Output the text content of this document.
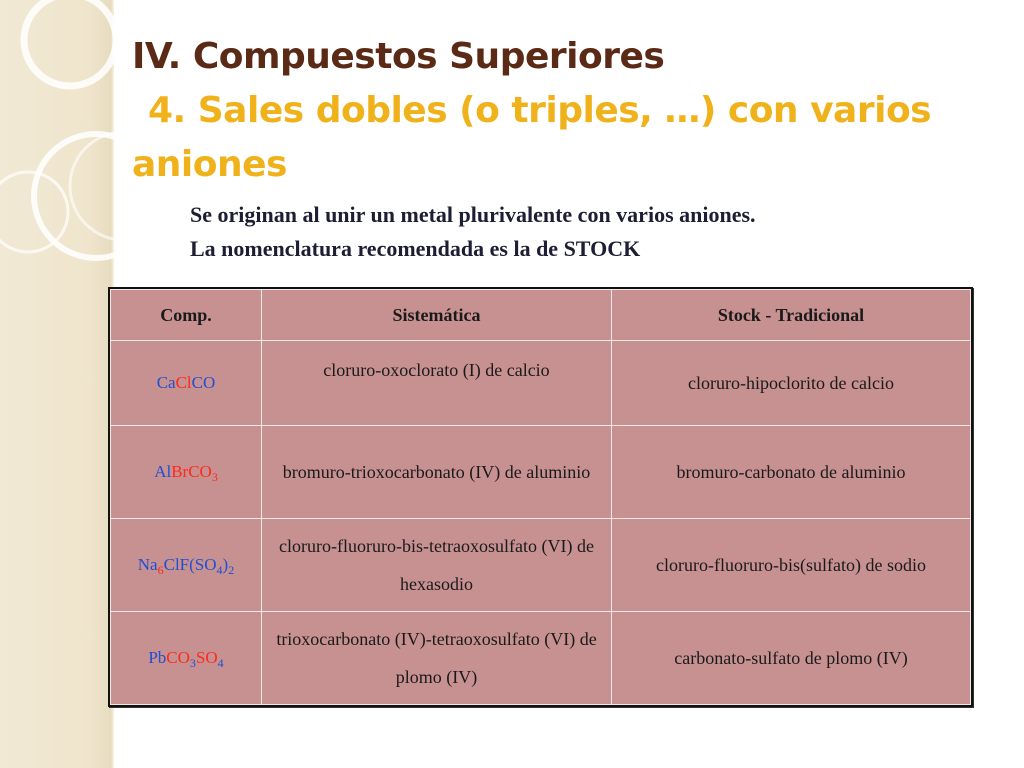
IV. Compuestos Superiores
4. Sales dobles (o triples, …) con varios
aniones

Se originan al unir un metal plurivalente con varios aniones.

La nomenclatura recomendada es la de STOCK

Comp.	Sistemática	Stock - Tradicional
CaClCO	cloruro-oxoclorato (I) de calcio	cloruro-hipoclorito de calcio
AlBrCO$_3$	bromuro-trioxocarbonato (IV) de aluminio	bromuro-carbonato de aluminio
$Na_6ClF(SO_4)_2$	cloruro-fluoruro-bis-tetraoxosulfato (VI) de hexasodio	cloruro-fluoruro-bis(sulfato) de sodio
$PbCO_3SO_4$	trioxocarbonato (IV)-tetraoxosulfato (VI) de plomo (IV)	carbonato-sulfato de plomo (IV)
